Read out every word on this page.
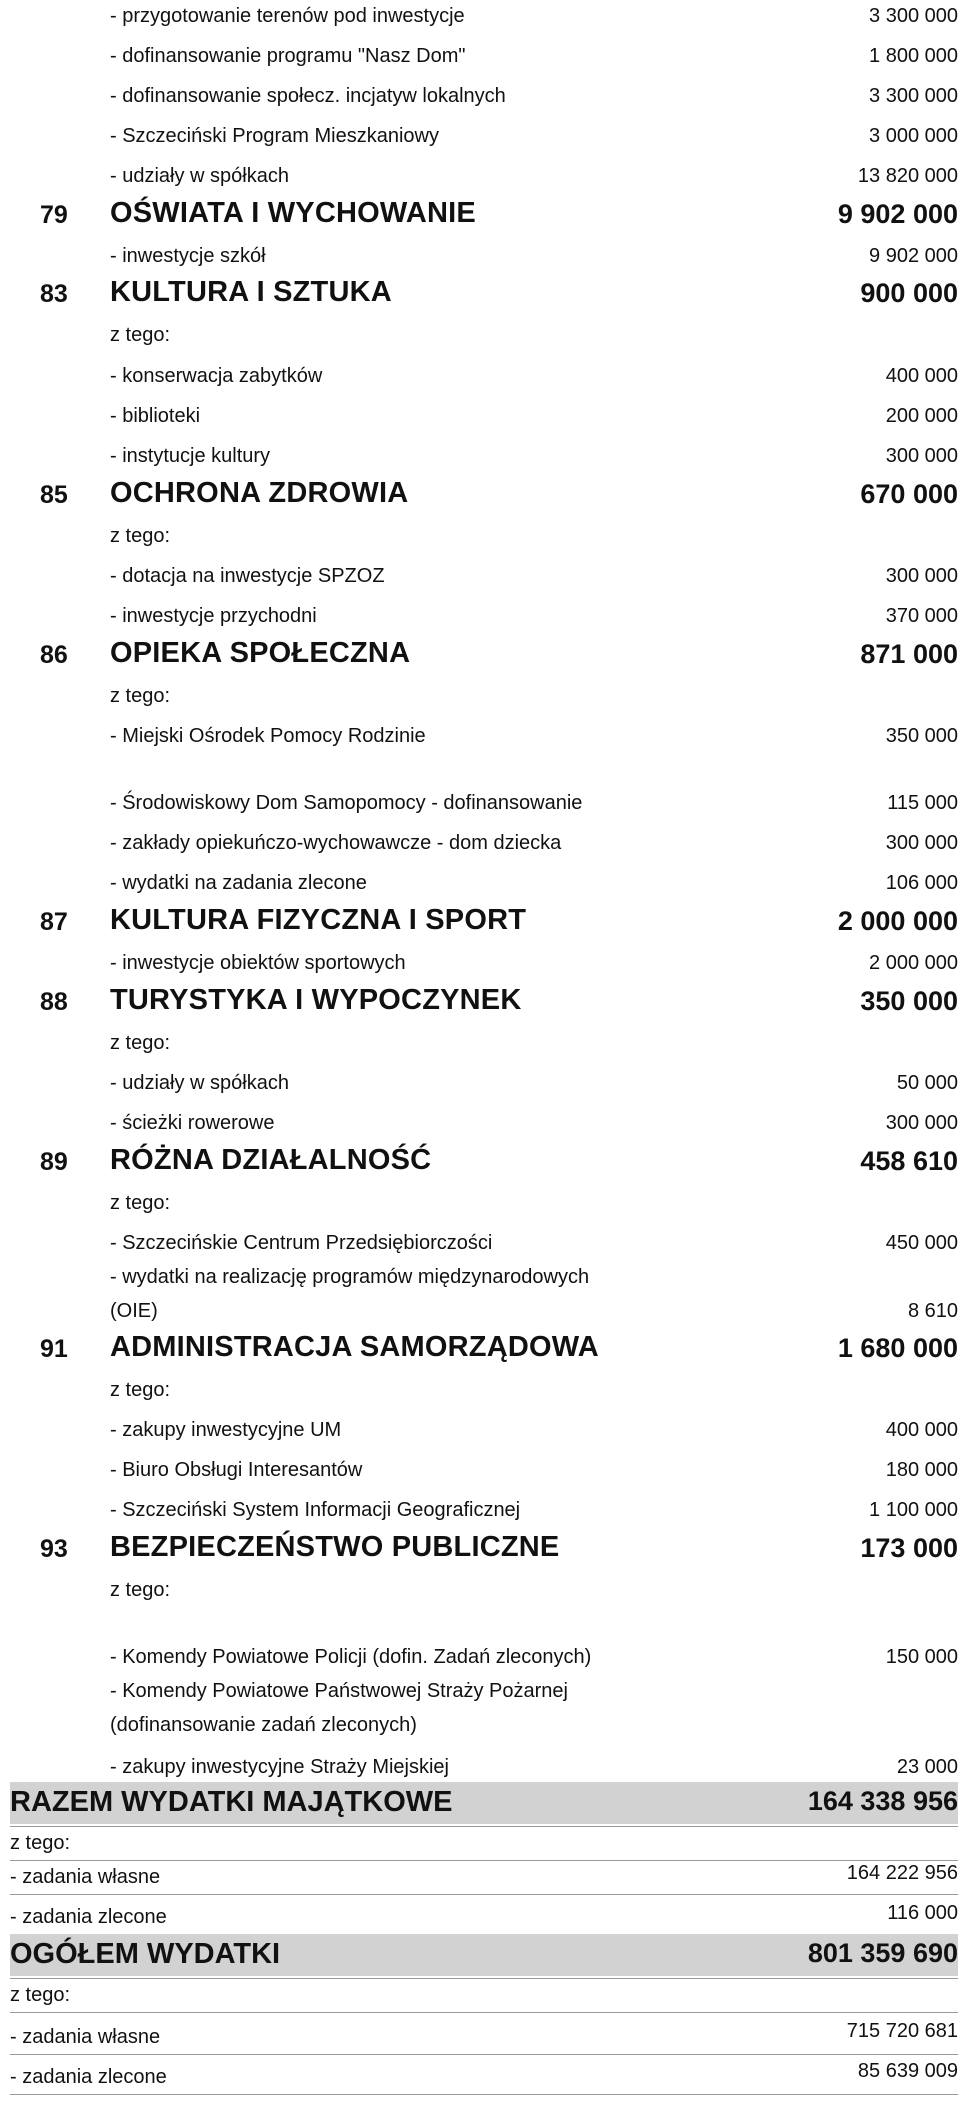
- przygotowanie terenów pod inwestycje	3 300 000
- dofinansowanie programu "Nasz Dom"	1 800 000
- dofinansowanie społecz. incjatyw lokalnych	3 300 000
- Szczeciński Program Mieszkaniowy	3 000 000
- udziały w spółkach	13 820 000
79 OŚWIATA I WYCHOWANIE	9 902 000
- inwestycje szkół	9 902 000
83 KULTURA I SZTUKA	900 000
z tego:
- konserwacja zabytków	400 000
- biblioteki	200 000
- instytucje kultury	300 000
85 OCHRONA ZDROWIA	670 000
z tego:
- dotacja na inwestycje SPZOZ	300 000
- inwestycje przychodni	370 000
86 OPIEKA SPOŁECZNA	871 000
z tego:
- Miejski Ośrodek Pomocy Rodzinie	350 000
- Środowiskowy Dom Samopomocy - dofinansowanie	115 000
- zakłady opiekuńczo-wychowawcze - dom dziecka	300 000
- wydatki na zadania zlecone	106 000
87 KULTURA FIZYCZNA I SPORT	2 000 000
- inwestycje obiektów sportowych	2 000 000
88 TURYSTYKA I WYPOCZYNEK	350 000
z tego:
- udziały w spółkach	50 000
- ścieżki rowerowe	300 000
89 RÓŻNA DZIAŁALNOŚĆ	458 610
z tego:
- Szczecińskie Centrum Przedsiębiorczości	450 000
- wydatki na realizację programów międzynarodowych
(OIE)	8 610
91 ADMINISTRACJA SAMORZĄDOWA	1 680 000
z tego:
- zakupy inwestycyjne UM	400 000
- Biuro Obsługi Interesantów	180 000
- Szczeciński System Informacji Geograficznej	1 100 000
93 BEZPIECZEŃSTWO PUBLICZNE	173 000
z tego:
- Komendy Powiatowe Policji (dofin. Zadań zleconych)	150 000
- Komendy Powiatowe Państwowej Straży Pożarnej
(dofinansowanie zadań zleconych)
- zakupy inwestycyjne Straży Miejskiej	23 000
RAZEM WYDATKI MAJĄTKOWE	164 338 956
z tego:
- zadania własne	164 222 956
- zadania zlecone	116 000
OGÓŁEM WYDATKI	801 359 690
z tego:
- zadania własne	715 720 681
- zadania zlecone	85 639 009
